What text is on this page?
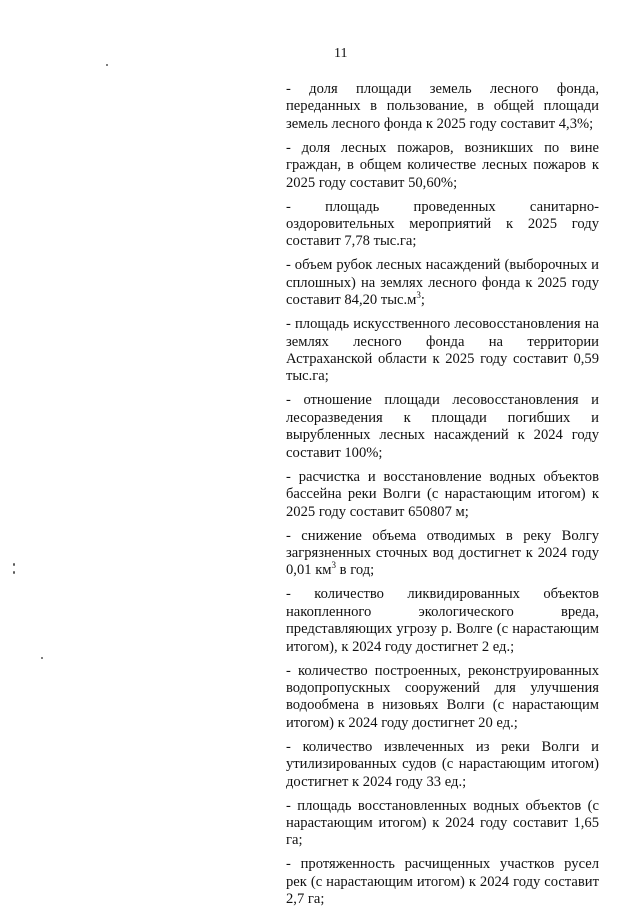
11

- доля площади земель лесного фонда, переданных в пользование, в общей площади земель лесного фонда к 2025 году составит 4,3%;

- доля лесных пожаров, возникших по вине граждан, в общем количестве лесных пожаров к 2025 году составит 50,60%;

- площадь проведенных санитарно-оздоровительных мероприятий к 2025 году составит 7,78 тыс.га;

- объем рубок лесных насаждений (выборочных и сплошных) на землях лесного фонда к 2025 году составит 84,20 $тыс.м^3$;

- площадь искусственного лесовосстановления на землях лесного фонда на территории Астраханской области к 2025 году составит 0,59 тыс.га;

- отношение площади лесовосстановления и лесоразведения к площади погибших и вырубленных лесных насаждений к 2024 году составит 100%;

- расчистка и восстановление водных объектов бассейна реки Волги (с нарастающим итогом) к 2025 году составит 650807 м;

- снижение объема отводимых в реку Волгу загрязненных сточных вод достигнет к 2024 году 0,01 $км^3$ в год;

- количество ликвидированных объектов накопленного экологического вреда, представляющих угрозу р. Волге (с нарастающим итогом), к 2024 году достигнет 2 ед.;

- количество построенных, реконструированных водопропускных сооружений для улучшения водообмена в низовьях Волги (с нарастающим итогом) к 2024 году достигнет 20 ед.;

- количество извлеченных из реки Волги и утилизированных судов (с нарастающим итогом) достигнет к 2024 году 33 ед.;

- площадь восстановленных водных объектов (с нарастающим итогом) к 2024 году составит 1,65 га;

- протяженность расчищенных участков русел рек (с нарастающим итогом) к 2024 году составит 2,7 га;
